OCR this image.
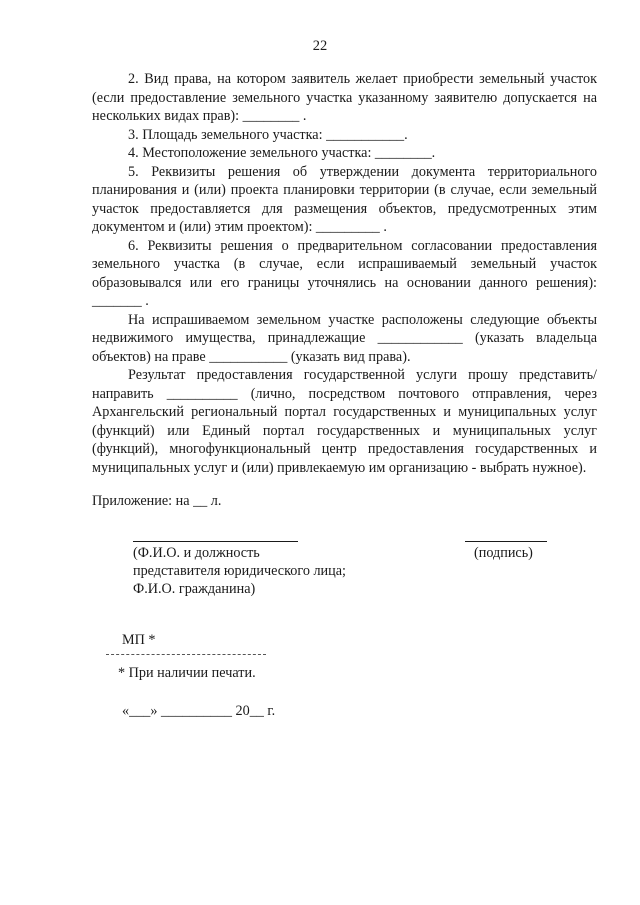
22

2. Вид права, на котором заявитель желает приобрести земельный участок (если предоставление земельного участка указанному заявителю допускается на нескольких видах прав): ________ .

3. Площадь земельного участка: ___________.

4. Местоположение земельного участка: ________.

5. Реквизиты решения об утверждении документа территориального планирования и (или) проекта планировки территории (в случае, если земельный участок предоставляется для размещения объектов, предусмотренных этим документом и (или) этим проектом): _________ .

6. Реквизиты решения о предварительном согласовании предоставления земельного участка (в случае, если испрашиваемый земельный участок образовывался или его границы уточнялись на основании данного решения): _______ .

На испрашиваемом земельном участке расположены следующие объекты недвижимого имущества, принадлежащие ____________ (указать владельца объектов) на праве ___________ (указать вид права).

Результат предоставления государственной услуги прошу представить/направить __________ (лично, посредством почтового отправления, через Архангельский региональный портал государственных и муниципальных услуг (функций) или Единый портал государственных и муниципальных услуг (функций), многофункциональный центр предоставления государственных и муниципальных услуг и (или) привлекаемую им организацию - выбрать нужное).

Приложение: на __ л.
(Ф.И.О. и должность	(подпись)
представителя юридического лица;
Ф.И.О. гражданина)
МП *
* При наличии печати.
«___» __________ 20__ г.
